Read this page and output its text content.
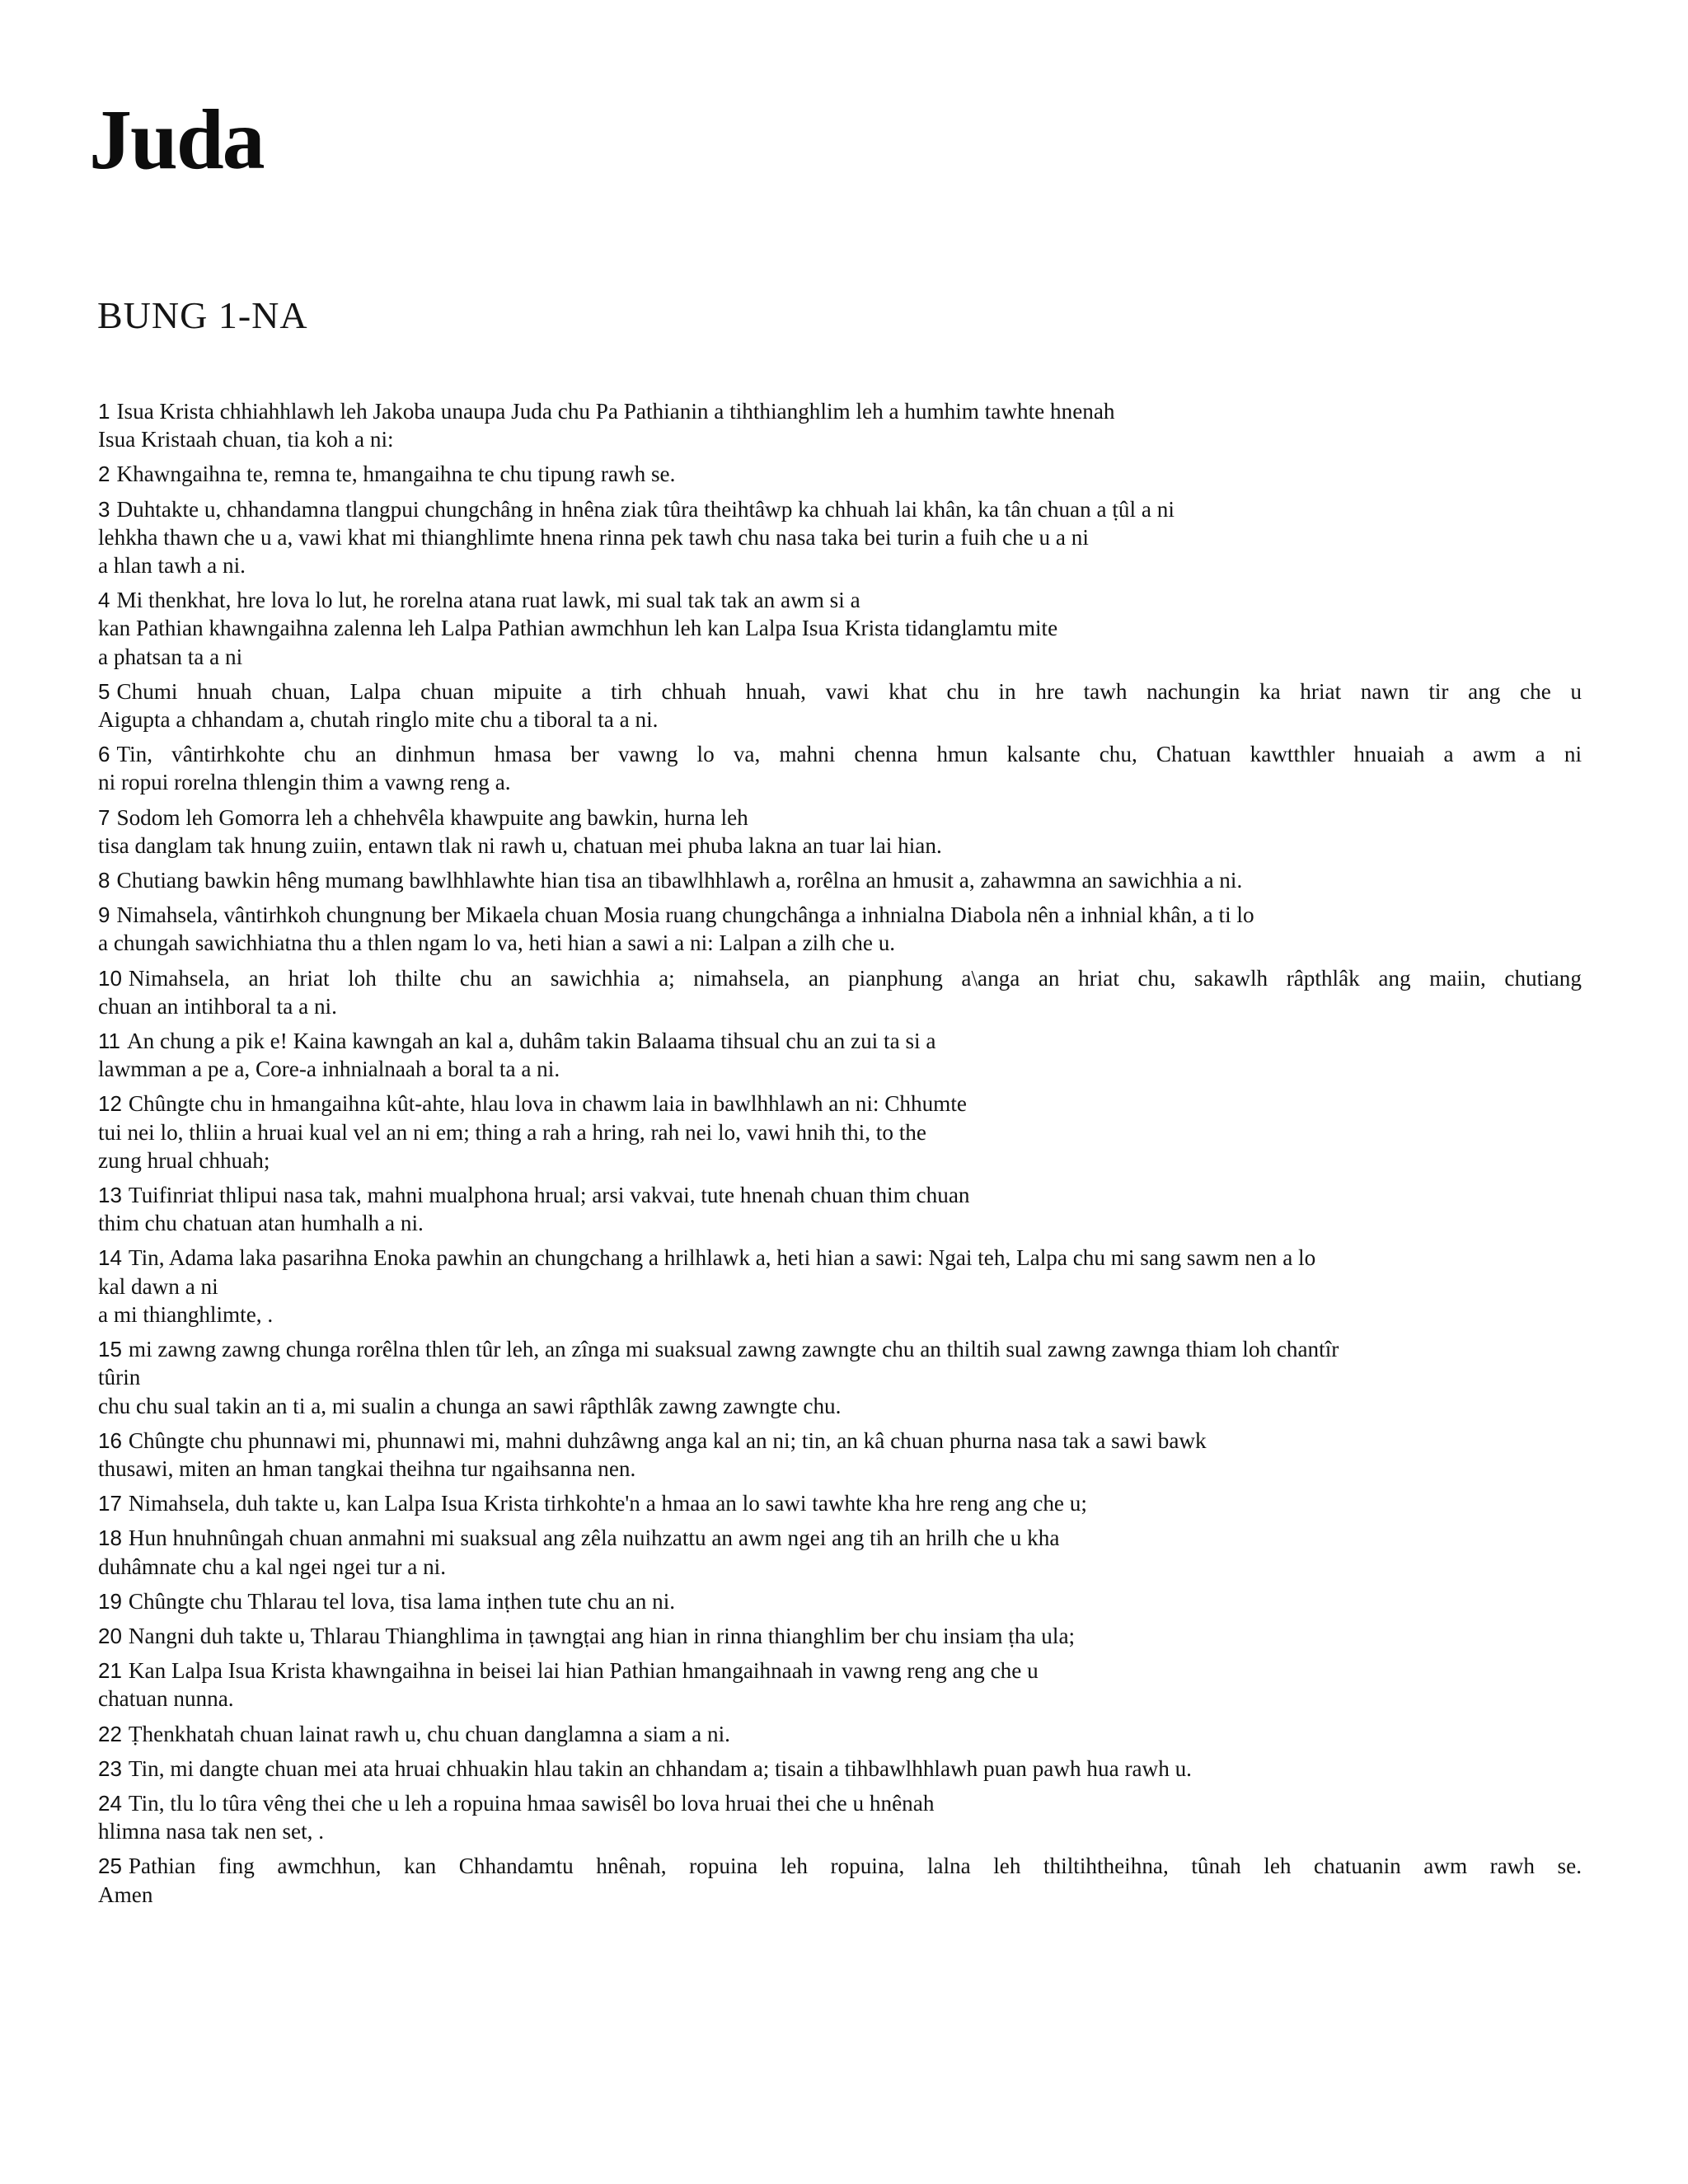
Juda
BUNG 1-NA

1 Isua Krista chhiahhlawh leh Jakoba unaupa Juda chu Pa Pathianin a tihthianghlim leh a humhim tawhte hnenah
Isua Kristaah chuan, tia koh a ni:

2 Khawngaihna te, remna te, hmangaihna te chu tipung rawh se.

3 Duhtakte u, chhandamna tlangpui chungchâng in hnêna ziak tûra theihtâwp ka chhuah lai khân, ka tân chuan a ṭûl a ni
lehkha thawn che u a, vawi khat mi thianghlimte hnena rinna pek tawh chu nasa taka bei turin a fuih che u a ni
a hlan tawh a ni.

4 Mi thenkhat, hre lova lo lut, he rorelna atana ruat lawk, mi sual tak tak an awm si a
kan Pathian khawngaihna zalenna leh Lalpa Pathian awmchhun leh kan Lalpa Isua Krista tidanglamtu mite
a phatsan ta a ni

5 Chumi hnuah chuan, Lalpa chuan mipuite a tirh chhuah hnuah, vawi khat chu in hre tawh nachungin ka hriat nawn tir ang che u
Aigupta a chhandam a, chutah ringlo mite chu a tiboral ta a ni.

6 Tin, vântirhkohte chu an dinhmun hmasa ber vawng lo va, mahni chenna hmun kalsante chu, Chatuan kawtthler hnuaiah a awm a ni
ni ropui rorelna thlengin thim a vawng reng a.

7 Sodom leh Gomorra leh a chhehvêla khawpuite ang bawkin, hurna leh
tisa danglam tak hnung zuiin, entawn tlak ni rawh u, chatuan mei phuba lakna an tuar lai hian.

8 Chutiang bawkin hêng mumang bawlhhlawhte hian tisa an tibawlhhlawh a, rorêlna an hmusit a, zahawmna an sawichhia a ni.

9 Nimahsela, vântirhkoh chungnung ber Mikaela chuan Mosia ruang chungchânga a inhnialna Diabola nên a inhnial khân, a ti lo
a chungah sawichhiatna thu a thlen ngam lo va, heti hian a sawi a ni: Lalpan a zilh che u.

10 Nimahsela, an hriat loh thilte chu an sawichhia a; nimahsela, an pianphung a\anga an hriat chu, sakawlh râpthlâk ang maiin, chutiang
chuan an intihboral ta a ni.

11 An chung a pik e! Kaina kawngah an kal a, duhâm takin Balaama tihsual chu an zui ta si a
lawmman a pe a, Core-a inhnialnaah a boral ta a ni.

12 Chûngte chu in hmangaihna kût-ahte, hlau lova in chawm laia in bawlhhlawh an ni: Chhumte
tui nei lo, thliin a hruai kual vel an ni em; thing a rah a hring, rah nei lo, vawi hnih thi, to the
zung hrual chhuah;

13 Tuifinriat thlipui nasa tak, mahni mualphona hrual; arsi vakvai, tute hnenah chuan thim chuan
thim chu chatuan atan humhalh a ni.

14 Tin, Adama laka pasarihna Enoka pawhin an chungchang a hrilhlawk a, heti hian a sawi: Ngai teh, Lalpa chu mi sang sawm nen a lo
kal dawn a ni
a mi thianghlimte, .

15 mi zawng zawng chunga rorêlna thlen tûr leh, an zînga mi suaksual zawng zawngte chu an thiltih sual zawng zawnga thiam loh chantîr
tûrin
chu chu sual takin an ti a, mi sualin a chunga an sawi râpthlâk zawng zawngte chu.

16 Chûngte chu phunnawi mi, phunnawi mi, mahni duhzâwng anga kal an ni; tin, an kâ chuan phurna nasa tak a sawi bawk
thusawi, miten an hman tangkai theihna tur ngaihsanna nen.

17 Nimahsela, duh takte u, kan Lalpa Isua Krista tirhkohte'n a hmaa an lo sawi tawhte kha hre reng ang che u;

18 Hun hnuhnûngah chuan anmahni mi suaksual ang zêla nuihzattu an awm ngei ang tih an hrilh che u kha
duhâmnate chu a kal ngei ngei tur a ni.

19 Chûngte chu Thlarau tel lova, tisa lama inṭhen tute chu an ni.

20 Nangni duh takte u, Thlarau Thianghlima in ṭawngṭai ang hian in rinna thianghlim ber chu insiam ṭha ula;

21 Kan Lalpa Isua Krista khawngaihna in beisei lai hian Pathian hmangaihnaah in vawng reng ang che u
chatuan nunna.

22 Ṭhenkhatah chuan lainat rawh u, chu chuan danglamna a siam a ni.

23 Tin, mi dangte chuan mei ata hruai chhuakin hlau takin an chhandam a; tisain a tihbawlhhlawh puan pawh hua rawh u.

24 Tin, tlu lo tûra vêng thei che u leh a ropuina hmaa sawisêl bo lova hruai thei che u hnênah
hlimna nasa tak nen set, .

25 Pathian fing awmchhun, kan Chhandamtu hnênah, ropuina leh ropuina, lalna leh thiltihtheihna, tûnah leh chatuanin awm rawh se.
Amen
